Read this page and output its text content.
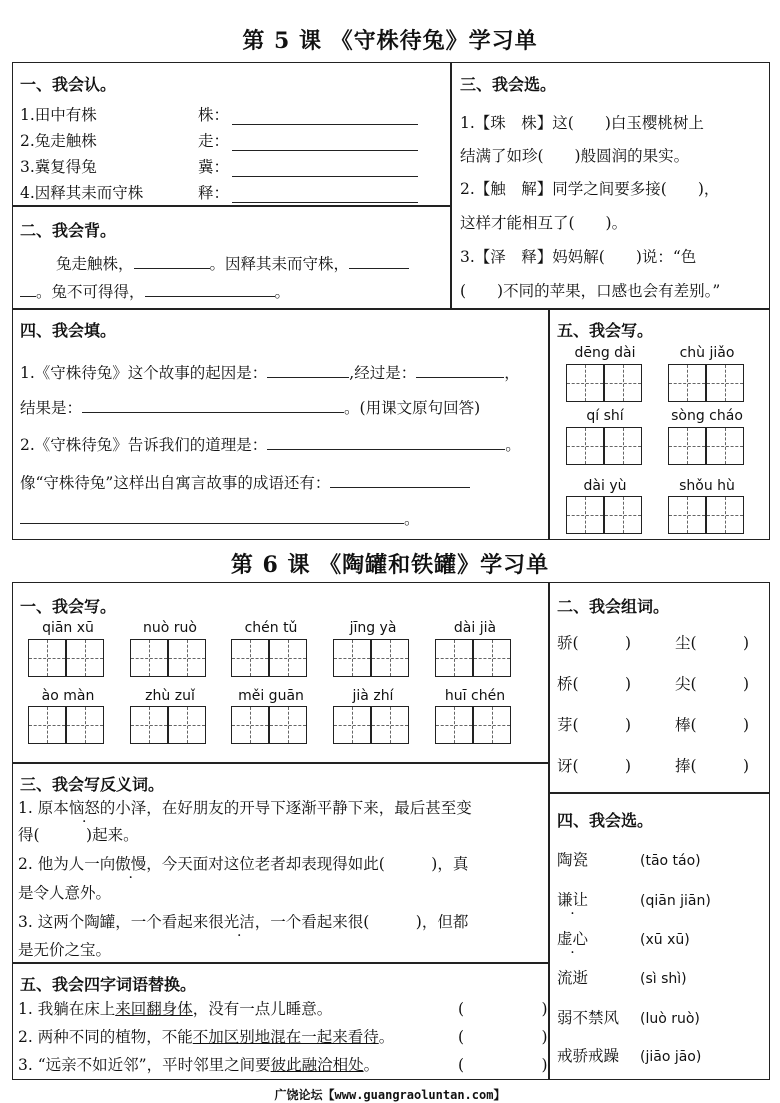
第 5 课 《守株待兔》学习单
一、我会认。
1.田中有株	株：
2.兔走触株	走：
3.冀复得兔	冀：
4.因释其耒而守株	释：
二、我会背。
兔走触株，	。因释其耒而守株，
。兔不可得得，	。
三、我会选。
1.【珠　株】这(　　)白玉樱桃树上
结满了如珍(　　)般圆润的果实。
2.【触　解】同学之间要多接(　　)，
这样才能相互了(　　)。
3.【泽　释】妈妈解(　　)说：“色
(　　)不同的苹果，口感也会有差别。”
四、我会填。
1.《守株待兔》这个故事的起因是：	,经过是：	，
结果是：	。(用课文原句回答)
2.《守株待兔》告诉我们的道理是：	。
像“守株待兔”这样出自寓言故事的成语还有：
。
五、我会写。
dēng dài	chù jiǎo
qí shí	sòng cháo
dài yù	shǒu hù
第 6 课 《陶罐和铁罐》学习单
一、我会写。
qiān xū	nuò ruò	chén tǔ	jīng yà	dài jià
ào màn	zhù zuǐ	měi guān	jià zhí	huī chén
二、我会组词。
骄(　　　)	尘(　　　)
桥(　　　)	尖(　　　)
芽(　　　)	棒(　　　)
讶(　　　)	捧(　　　)
三、我会写反义词。
1. 原本恼怒的小泽，在好朋友的开导下逐渐平静下来，最后甚至变
得(　　　)起来。
2. 他为人一向傲慢，今天面对这位老者却表现得如此(　　　)，真
是令人意外。
3. 这两个陶罐，一个看起来很光洁，一个看起来很(　　　)，但都
是无价之宝。
四、我会选。
陶瓷	(tāo táo)
谦让	(qiān jiān)
虚心	(xū xū)
流逝	(sì shì)
弱不禁风 (luò ruò)
戒骄戒躁 (jiāo jāo)
五、我会四字词语替换。
1. 我躺在床上来回翻身体，没有一点儿睡意。	(　　　　　)
2. 两种不同的植物，不能不加区别地混在一起来看待。	(　　　　　)
3. “远亲不如近邻”，平时邻里之间要彼此融洽相处。	(　　　　　)
广饶论坛【www.guangraoluntan.com】
